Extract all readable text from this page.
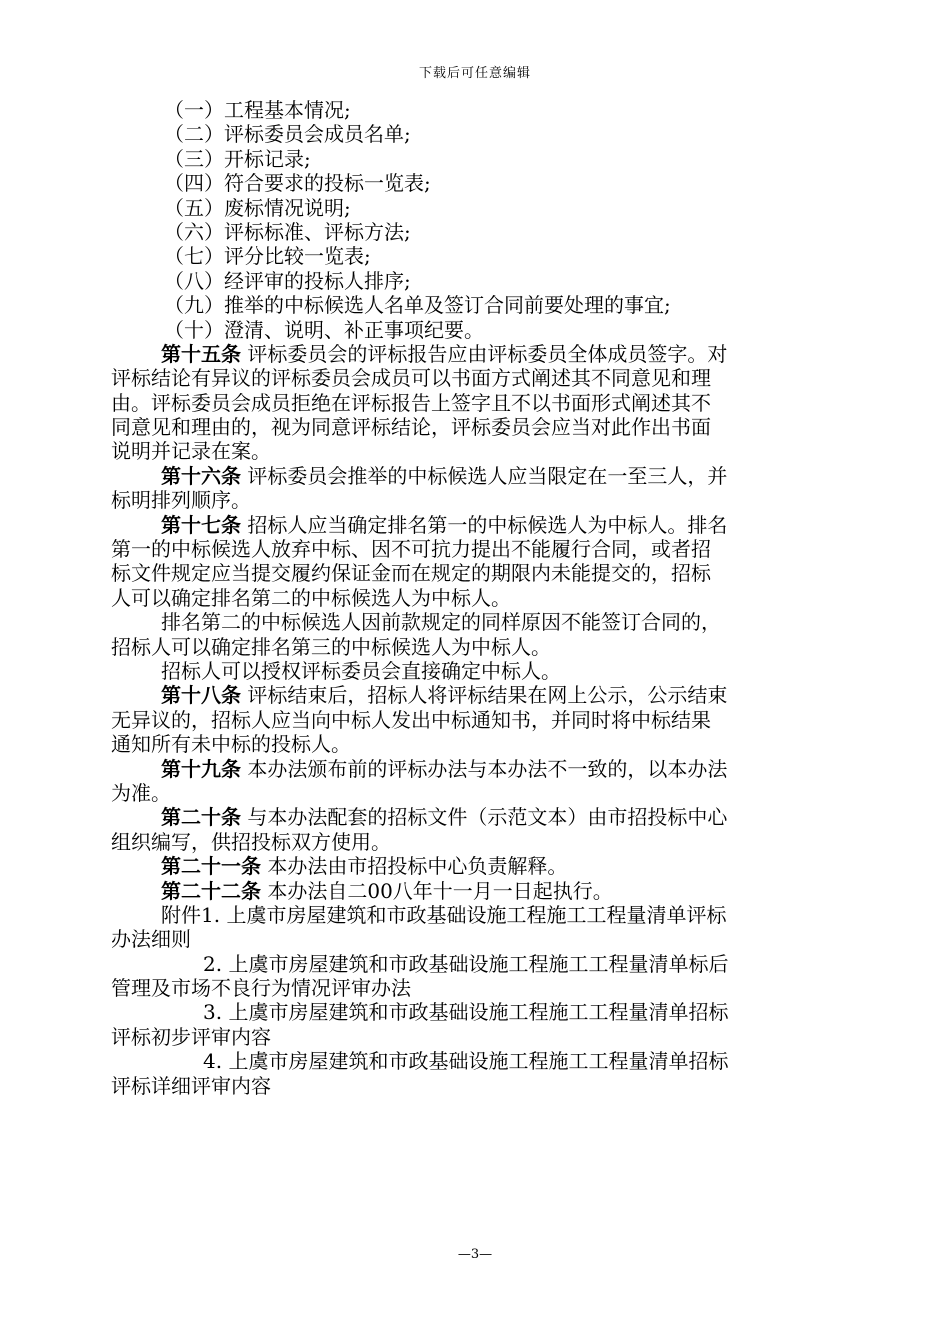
下载后可任意编辑
（一）工程基本情况;
（二）评标委员会成员名单;
（三）开标记录;
（四）符合要求的投标一览表;
（五）废标情况说明;
（六）评标标准、评标方法;
（七）评分比较一览表;
（八）经评审的投标人排序;
（九）推举的中标候选人名单及签订合同前要处理的事宜;
（十）澄清、说明、补正事项纪要。
第十五条 评标委员会的评标报告应由评标委员全体成员签字。对
评标结论有异议的评标委员会成员可以书面方式阐述其不同意见和理
由。评标委员会成员拒绝在评标报告上签字且不以书面形式阐述其不
同意见和理由的，视为同意评标结论，评标委员会应当对此作出书面
说明并记录在案。
第十六条 评标委员会推举的中标候选人应当限定在一至三人，并
标明排列顺序。
第十七条 招标人应当确定排名第一的中标候选人为中标人。排名
第一的中标候选人放弃中标、因不可抗力提出不能履行合同，或者招
标文件规定应当提交履约保证金而在规定的期限内未能提交的，招标
人可以确定排名第二的中标候选人为中标人。
排名第二的中标候选人因前款规定的同样原因不能签订合同的，
招标人可以确定排名第三的中标候选人为中标人。
招标人可以授权评标委员会直接确定中标人。
第十八条 评标结束后，招标人将评标结果在网上公示，公示结束
无异议的，招标人应当向中标人发出中标通知书，并同时将中标结果
通知所有未中标的投标人。
第十九条 本办法颁布前的评标办法与本办法不一致的，以本办法
为准。
第二十条 与本办法配套的招标文件（示范文本）由市招投标中心
组织编写，供招投标双方使用。
第二十一条 本办法由市招投标中心负责解释。
第二十二条 本办法自二00八年十一月一日起执行。
附件1. 上虞市房屋建筑和市政基础设施工程施工工程量清单评标
办法细则
2. 上虞市房屋建筑和市政基础设施工程施工工程量清单标后
管理及市场不良行为情况评审办法
3. 上虞市房屋建筑和市政基础设施工程施工工程量清单招标
评标初步评审内容
4. 上虞市房屋建筑和市政基础设施工程施工工程量清单招标
评标详细评审内容
—3—
